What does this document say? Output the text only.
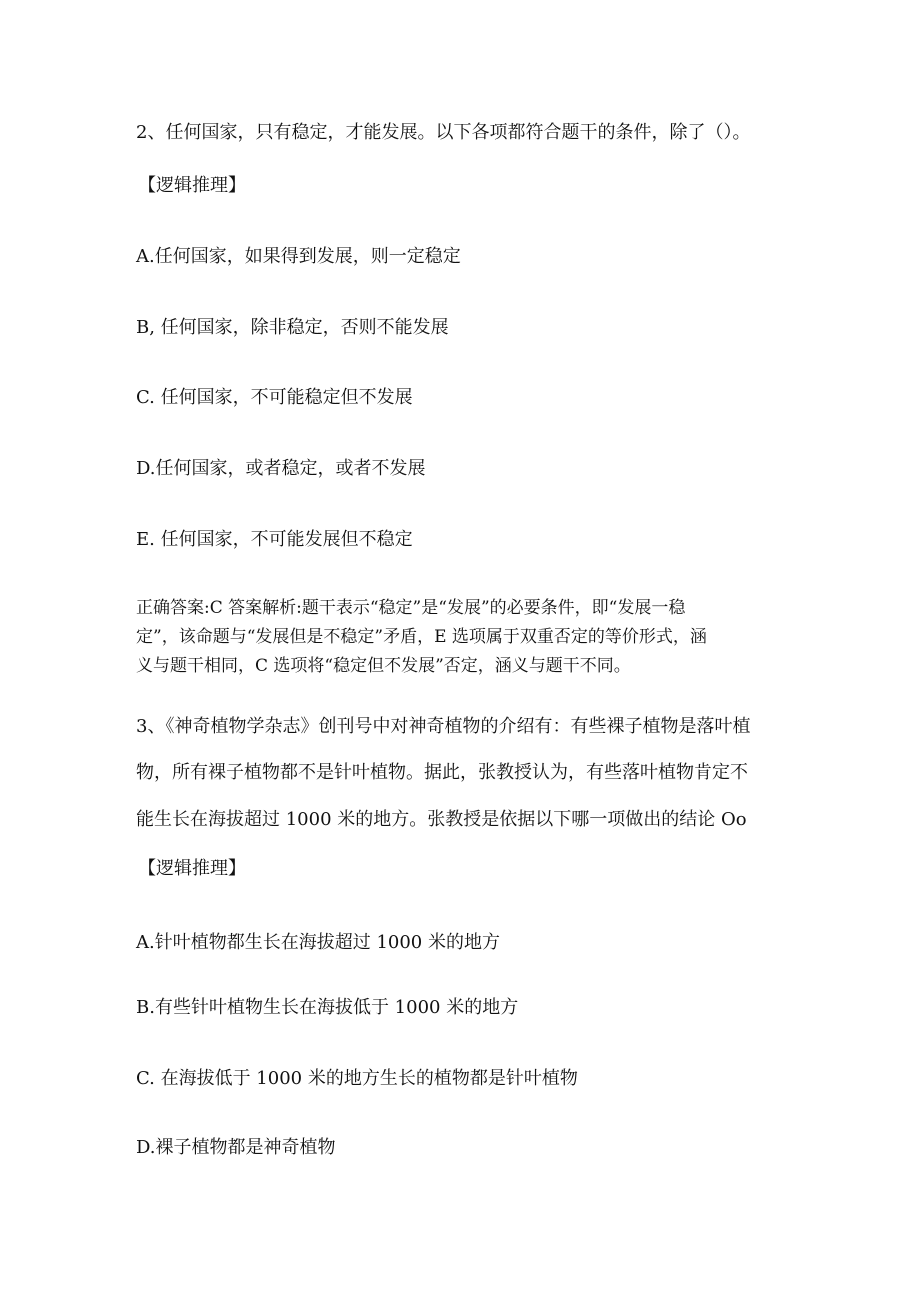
2、任何国家，只有稳定，才能发展。以下各项都符合题干的条件，除了（）。
【逻辑推理】
A.任何国家，如果得到发展，则一定稳定
B, 任何国家，除非稳定，否则不能发展
C. 任何国家，不可能稳定但不发展
D.任何国家，或者稳定，或者不发展
E. 任何国家，不可能发展但不稳定
正确答案:C 答案解析:题干表示“稳定”是“发展”的必要条件，即“发展一稳
定”，该命题与“发展但是不稳定”矛盾，E 选项属于双重否定的等价形式，涵
义与题干相同，C 选项将“稳定但不发展”否定，涵义与题干不同。
3、《神奇植物学杂志》创刊号中对神奇植物的介绍有：有些裸子植物是落叶植
物，所有裸子植物都不是针叶植物。据此，张教授认为，有些落叶植物肯定不
能生长在海拔超过 1000 米的地方。张教授是依据以下哪一项做出的结论 Oo
【逻辑推理】
A.针叶植物都生长在海拔超过 1000 米的地方
B.有些针叶植物生长在海拔低于 1000 米的地方
C. 在海拔低于 1000 米的地方生长的植物都是针叶植物
D.裸子植物都是神奇植物
